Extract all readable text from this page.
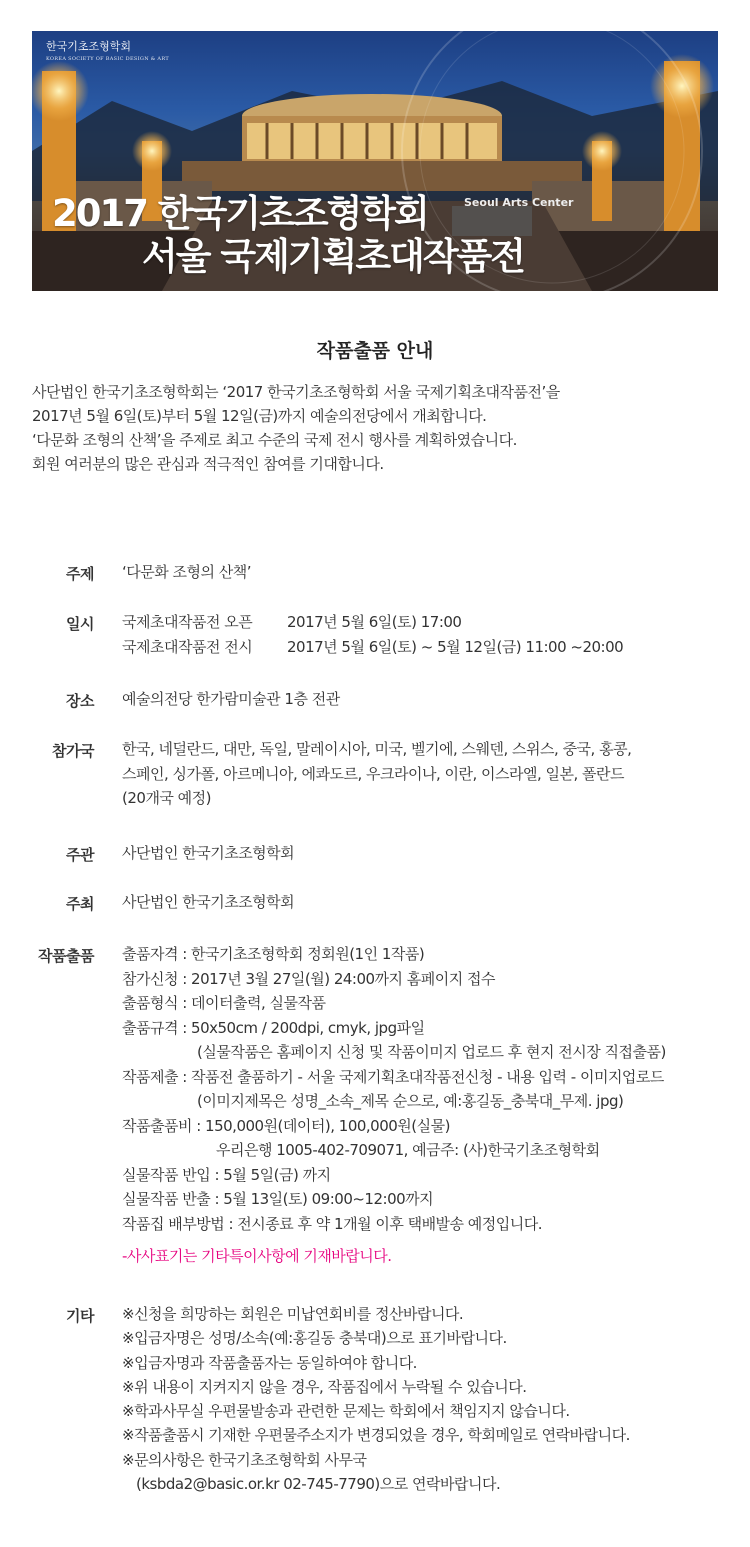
한국기초조형학회
KOREA SOCIETY OF BASIC DESIGN & ART
Seoul Arts Center
2017 한국기초조형학회
서울 국제기획초대작품전
작품출품 안내
사단법인 한국기초조형학회는 ‘2017 한국기초조형학회 서울 국제기획초대작품전’을
2017년 5월 6일(토)부터 5월 12일(금)까지 예술의전당에서 개최합니다.
‘다문화 조형의 산책’을 주제로 최고 수준의 국제 전시 행사를 계획하였습니다.
회원 여러분의 많은 관심과 적극적인 참여를 기대합니다.
주제 ‘다문화 조형의 산책’
일시 국제초대작품전 오픈 2017년 5월 6일(토) 17:00
국제초대작품전 전시 2017년 5월 6일(토) ~ 5월 12일(금) 11:00 ~20:00
장소 예술의전당 한가람미술관 1층 전관
참가국 한국, 네덜란드, 대만, 독일, 말레이시아, 미국, 벨기에, 스웨덴, 스위스, 중국, 홍콩,
스페인, 싱가폴, 아르메니아, 에콰도르, 우크라이나, 이란, 이스라엘, 일본, 폴란드
(20개국 예정)
주관 사단법인 한국기초조형학회
주최 사단법인 한국기초조형학회
작품출품 출품자격 : 한국기초조형학회 정회원(1인 1작품)
참가신청 : 2017년 3월 27일(월) 24:00까지 홈페이지 접수
출품형식 : 데이터출력, 실물작품
출품규격 : 50x50cm / 200dpi, cmyk, jpg파일
(실물작품은 홈페이지 신청 및 작품이미지 업로드 후 현지 전시장 직접출품)
작품제출 : 작품전 출품하기 - 서울 국제기획초대작품전신청 - 내용 입력 - 이미지업로드
(이미지제목은 성명_소속_제목 순으로, 예:홍길동_충북대_무제. jpg)
작품출품비 : 150,000원(데이터), 100,000원(실물)
우리은행 1005-402-709071, 예금주: (사)한국기초조형학회
실물작품 반입 : 5월 5일(금) 까지
실물작품 반출 : 5월 13일(토) 09:00~12:00까지
작품집 배부방법 : 전시종료 후 약 1개월 이후 택배발송 예정입니다.
-사사표기는 기타특이사항에 기재바랍니다.
기타 ※신청을 희망하는 회원은 미납연회비를 정산바랍니다.
※입금자명은 성명/소속(예:홍길동 충북대)으로 표기바랍니다.
※입금자명과 작품출품자는 동일하여야 합니다.
※위 내용이 지켜지지 않을 경우, 작품집에서 누락될 수 있습니다.
※학과사무실 우편물발송과 관련한 문제는 학회에서 책임지지 않습니다.
※작품출품시 기재한 우편물주소지가 변경되었을 경우, 학회메일로 연락바랍니다.
※문의사항은 한국기초조형학회 사무국
(ksbda2@basic.or.kr 02-745-7790)으로 연락바랍니다.
